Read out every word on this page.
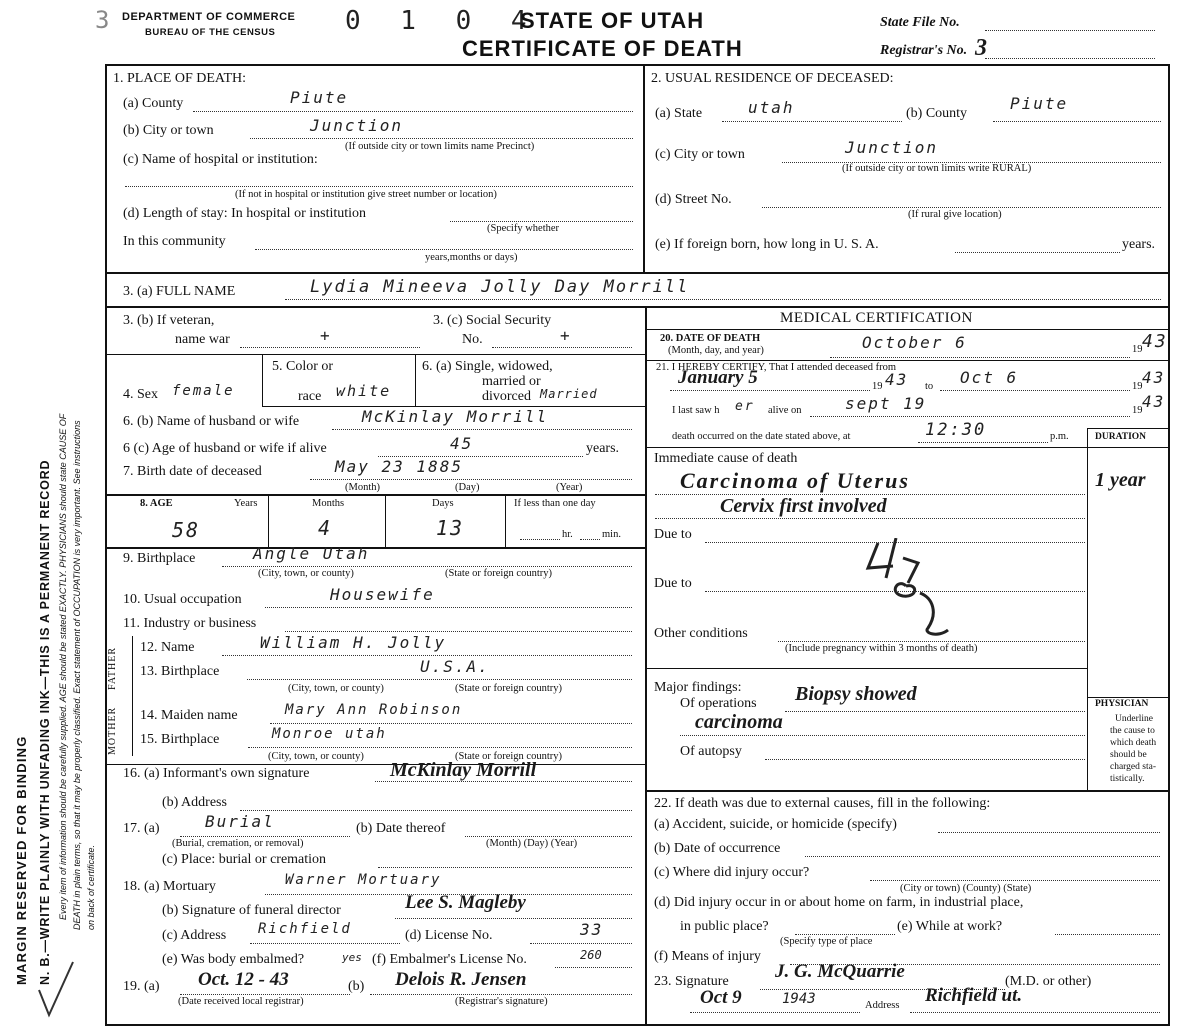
MARGIN RESERVED FOR BINDING N. B.—WRITE PLAINLY WITH UNFADING INK—THIS IS A PERMANENT RECORD Every item of information should be carefully supplied. AGE should be stated EXACTLY. PHYSICIANS should state CAUSE OF DEATH in plain terms, so that it may be properly classified. Exact statement of OCCUPATION is very important. See instructions on back of certificate.
3 DEPARTMENT OF COMMERCE
BUREAU OF THE CENSUS	0 1 0 4
STATE OF UTAH
CERTIFICATE OF DEATH
State File No.
Registrar's No. 3
1. PLACE OF DEATH:
(a) County	Piute
(b) City or town	Junction
(If outside city or town limits name Precinct)
(c) Name of hospital or institution:
(If not in hospital or institution give street number or location)
(d) Length of stay: In hospital or institution
(Specify whether
In this community
years,months or days)
2. USUAL RESIDENCE OF DECEASED:
(a) State	utah	(b) County
Piute
(c) City or town	Junction
(If outside city or town limits write RURAL)
(d) Street No.
(If rural give location)
(e) If foreign born, how long in U. S. A.	years.
3. (a) FULL NAME	Lydia Mineeva Jolly Day Morrill
3. (b) If veteran,
name war	+
3. (c) Social Security
No.	+
4. Sex female
5. Color or
race white
6. (a) Single, widowed,
married or
divorced Married
6. (b) Name of husband or wife	McKinlay Morrill
6 (c) Age of husband or wife if alive	45	years.
7. Birth date of deceased	May 23 1885
(Month)	(Day)	(Year)
8. AGE	Years	Months	Days	If less than one day
58	4	13	hr.	min.
9. Birthplace	Angle Utah
(City, town, or county)	(State or foreign country)
10. Usual occupation	Housewife
11. Industry or business
FATHER
MOTHER
12. Name	William H. Jolly
13. Birthplace	U.S.A.
(City, town, or county)	(State or foreign country)
14. Maiden name	Mary Ann Robinson
15. Birthplace	Monroe utah
(City, town, or county)	(State or foreign country)
16. (a) Informant's own signature	McKinlay Morrill
(b) Address
17. (a)	Burial	(b) Date thereof
(Burial, cremation, or removal)	(Month) (Day) (Year)
(c) Place: burial or cremation
18. (a) Mortuary	Warner Mortuary
(b) Signature of funeral director	Lee S. Magleby
(c) Address Richfield	(d) License No.	33
(e) Was body embalmed?	yes (f) Embalmer's License No.	260
19. (a) Oct. 12 - 43	(b) Delois R. Jensen
(Date received local registrar)	(Registrar's signature)
MEDICAL CERTIFICATION
20. DATE OF DEATH
(Month, day, and year)	October 6	19 43
21. I HEREBY CERTIFY, That I attended deceased from
January 5	19 43 to Oct 6	19 43
I last saw h er alive on	sept 19	19 43
death occurred on the date stated above, at	12:30	p.m.	DURATION
Immediate cause of death
Carcinoma of Uterus	1 year
Cervix first involved
Due to
Due to
Other conditions
(Include pregnancy within 3 months of death)
Major findings:
Of operations Biopsy showed
carcinoma
Of autopsy
PHYSICIAN
Underline
the cause to
which death
should be
charged sta-
tistically.
22. If death was due to external causes, fill in the following:
(a) Accident, suicide, or homicide (specify)
(b) Date of occurrence
(c) Where did injury occur?
(City or town) (County) (State)
(d) Did injury occur in or about home on farm, in industrial place,
in public place?	(e) While at work?
(Specify type of place
(f) Means of injury
23. Signature J. G. McQuarrie	(M.D. or other)
Oct 9	1943	Address Richfield ut.
